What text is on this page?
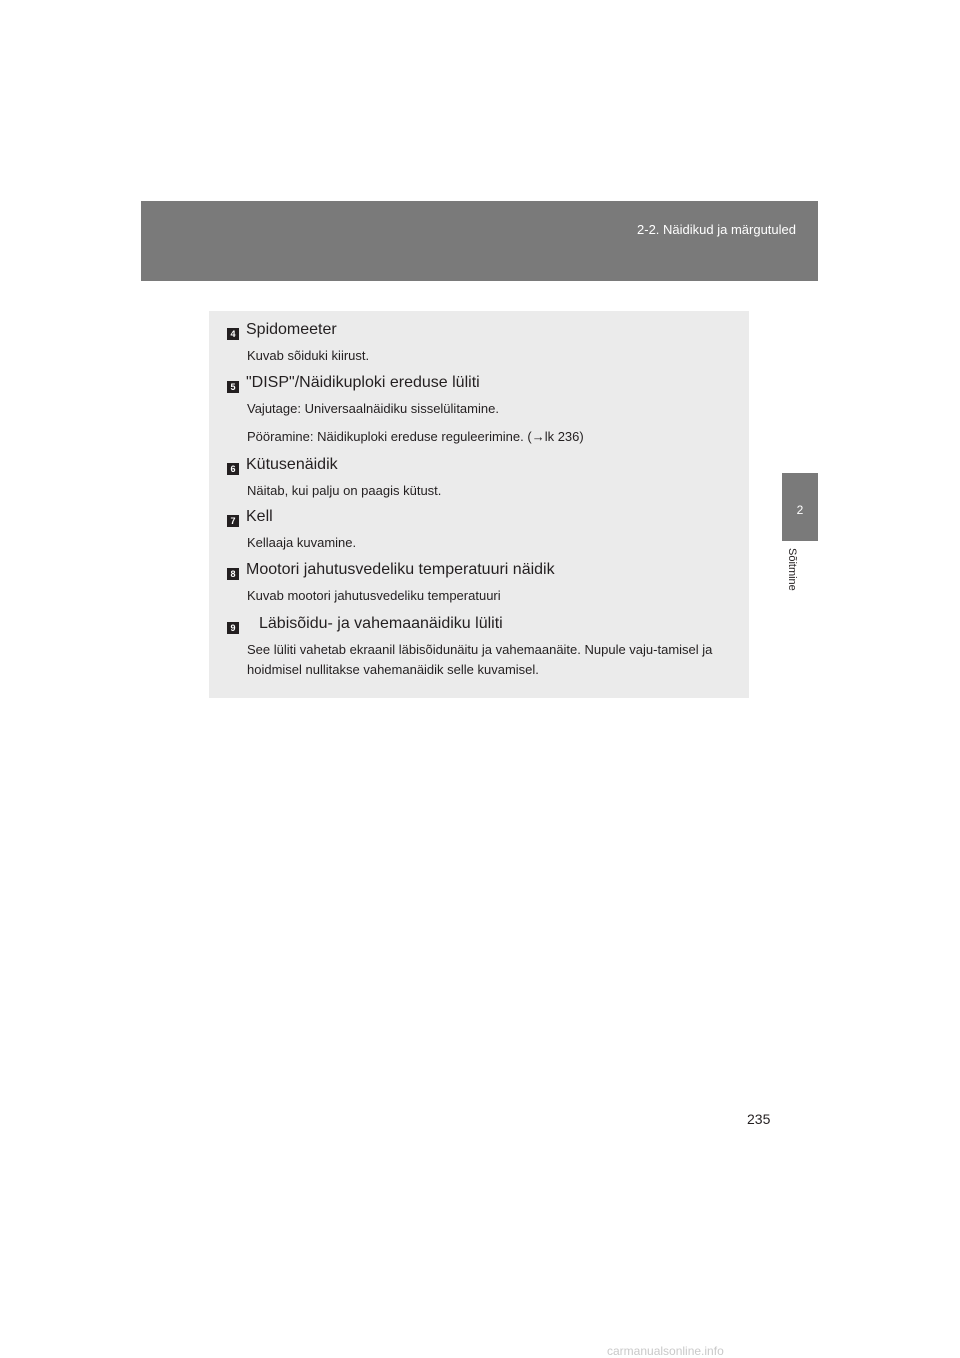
2-2. Näidikud ja märgutuled
2
Sõitmine
4 Spidomeeter
Kuvab sõiduki kiirust.
5 "DISP"/Näidikuploki ereduse lüliti
Vajutage: Universaalnäidiku sisselülitamine.
Pööramine: Näidikuploki ereduse reguleerimine. (→lk 236)
6 Kütusenäidik
Näitab, kui palju on paagis kütust.
7 Kell
Kellaaja kuvamine.
8 Mootori jahutusvedeliku temperatuuri näidik
Kuvab mootori jahutusvedeliku temperatuuri
9 Läbisõidu- ja vahemaanäidiku lüliti
See lüliti vahetab ekraanil läbisõidunäitu ja vahemaanäite. Nupule vaju-tamisel ja hoidmisel nullitakse vahemanäidik selle kuvamisel.
235
carmanualsonline.info
